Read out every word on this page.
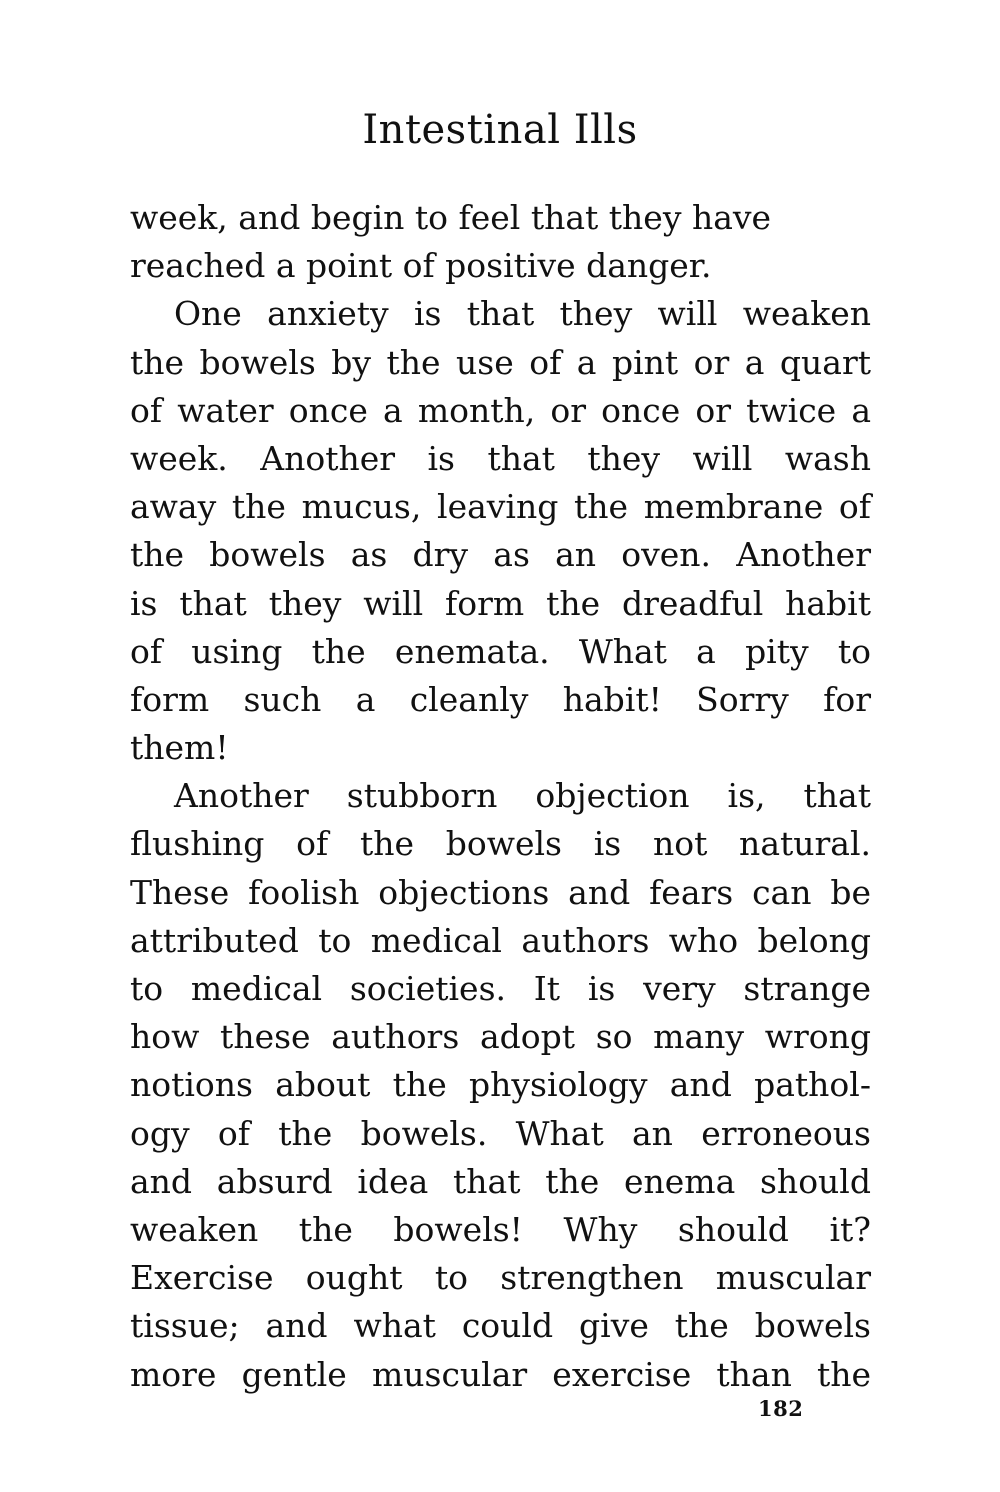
Intestinal Ills
week, and begin to feel that they have
reached a point of positive danger.
One anxiety is that they will weaken
the bowels by the use of a pint or a quart
of water once a month, or once or twice a
week. Another is that they will wash
away the mucus, leaving the membrane of
the bowels as dry as an oven. Another
is that they will form the dreadful habit
of using the enemata. What a pity to
form such a cleanly habit! Sorry for
them!
Another stubborn objection is, that
flushing of the bowels is not natural.
These foolish objections and fears can be
attributed to medical authors who belong
to medical societies. It is very strange
how these authors adopt so many wrong
notions about the physiology and pathol-
ogy of the bowels. What an erroneous
and absurd idea that the enema should
weaken the bowels! Why should it?
Exercise ought to strengthen muscular
tissue; and what could give the bowels
more gentle muscular exercise than the
182
